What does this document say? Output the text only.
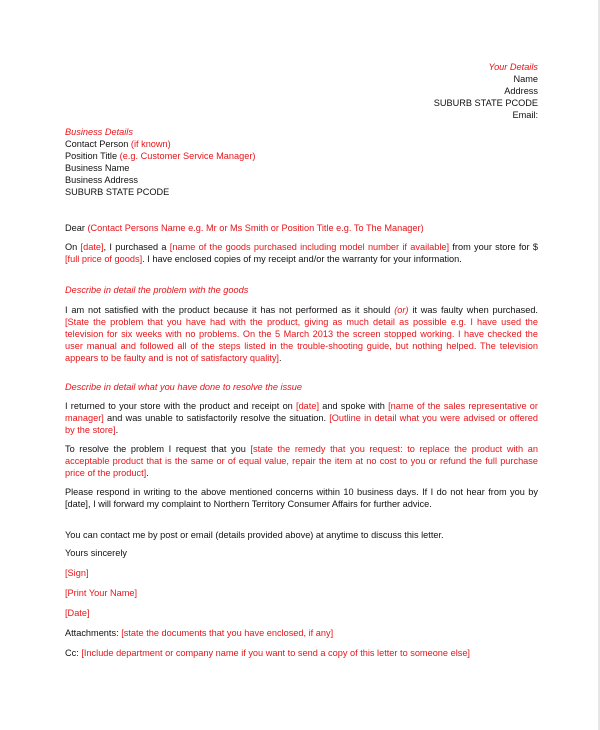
Your Details
Name
Address
SUBURB STATE PCODE
Email:
Business Details
Contact Person (if known)
Position Title (e.g. Customer Service Manager)
Business Name
Business Address
SUBURB STATE PCODE

Dear (Contact Persons Name e.g. Mr or Ms Smith or Position Title e.g. To The Manager)

On [date], I purchased a [name of the goods purchased including model number if available] from your store for $ [full price of goods]. I have enclosed copies of my receipt and/or the warranty for your information.

Describe in detail the problem with the goods

I am not satisfied with the product because it has not performed as it should (or) it was faulty when purchased. [State the problem that you have had with the product, giving as much detail as possible e.g. I have used the television for six weeks with no problems. On the 5 March 2013 the screen stopped working. I have checked the user manual and followed all of the steps listed in the trouble-shooting guide, but nothing helped. The television appears to be faulty and is not of satisfactory quality].

Describe in detail what you have done to resolve the issue

I returned to your store with the product and receipt on [date] and spoke with [name of the sales representative or manager] and was unable to satisfactorily resolve the situation. [Outline in detail what you were advised or offered by the store].

To resolve the problem I request that you [state the remedy that you request: to replace the product with an acceptable product that is the same or of equal value, repair the item at no cost to you or refund the full purchase price of the product].

Please respond in writing to the above mentioned concerns within 10 business days. If I do not hear from you by [date], I will forward my complaint to Northern Territory Consumer Affairs for further advice.

You can contact me by post or email (details provided above) at anytime to discuss this letter.

Yours sincerely

[Sign]

[Print Your Name]

[Date]

Attachments: [state the documents that you have enclosed, if any]

Cc: [Include department or company name if you want to send a copy of this letter to someone else]
